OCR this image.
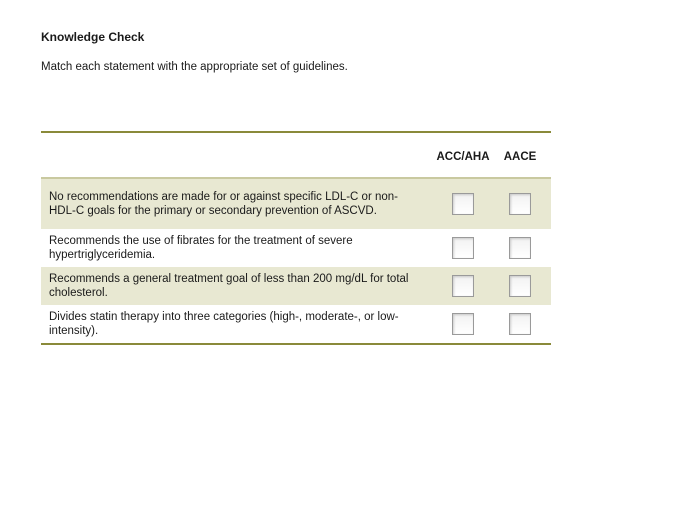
Knowledge Check
Match each statement with the appropriate set of guidelines.
ACC/AHA	AACE
No recommendations are made for or against specific LDL-C or non-HDL-C goals for the primary or secondary prevention of ASCVD.
Recommends the use of fibrates for the treatment of severe hypertriglyceridemia.
Recommends a general treatment goal of less than 200 mg/dL for total cholesterol.
Divides statin therapy into three categories (high-, moderate-, or low-intensity).
